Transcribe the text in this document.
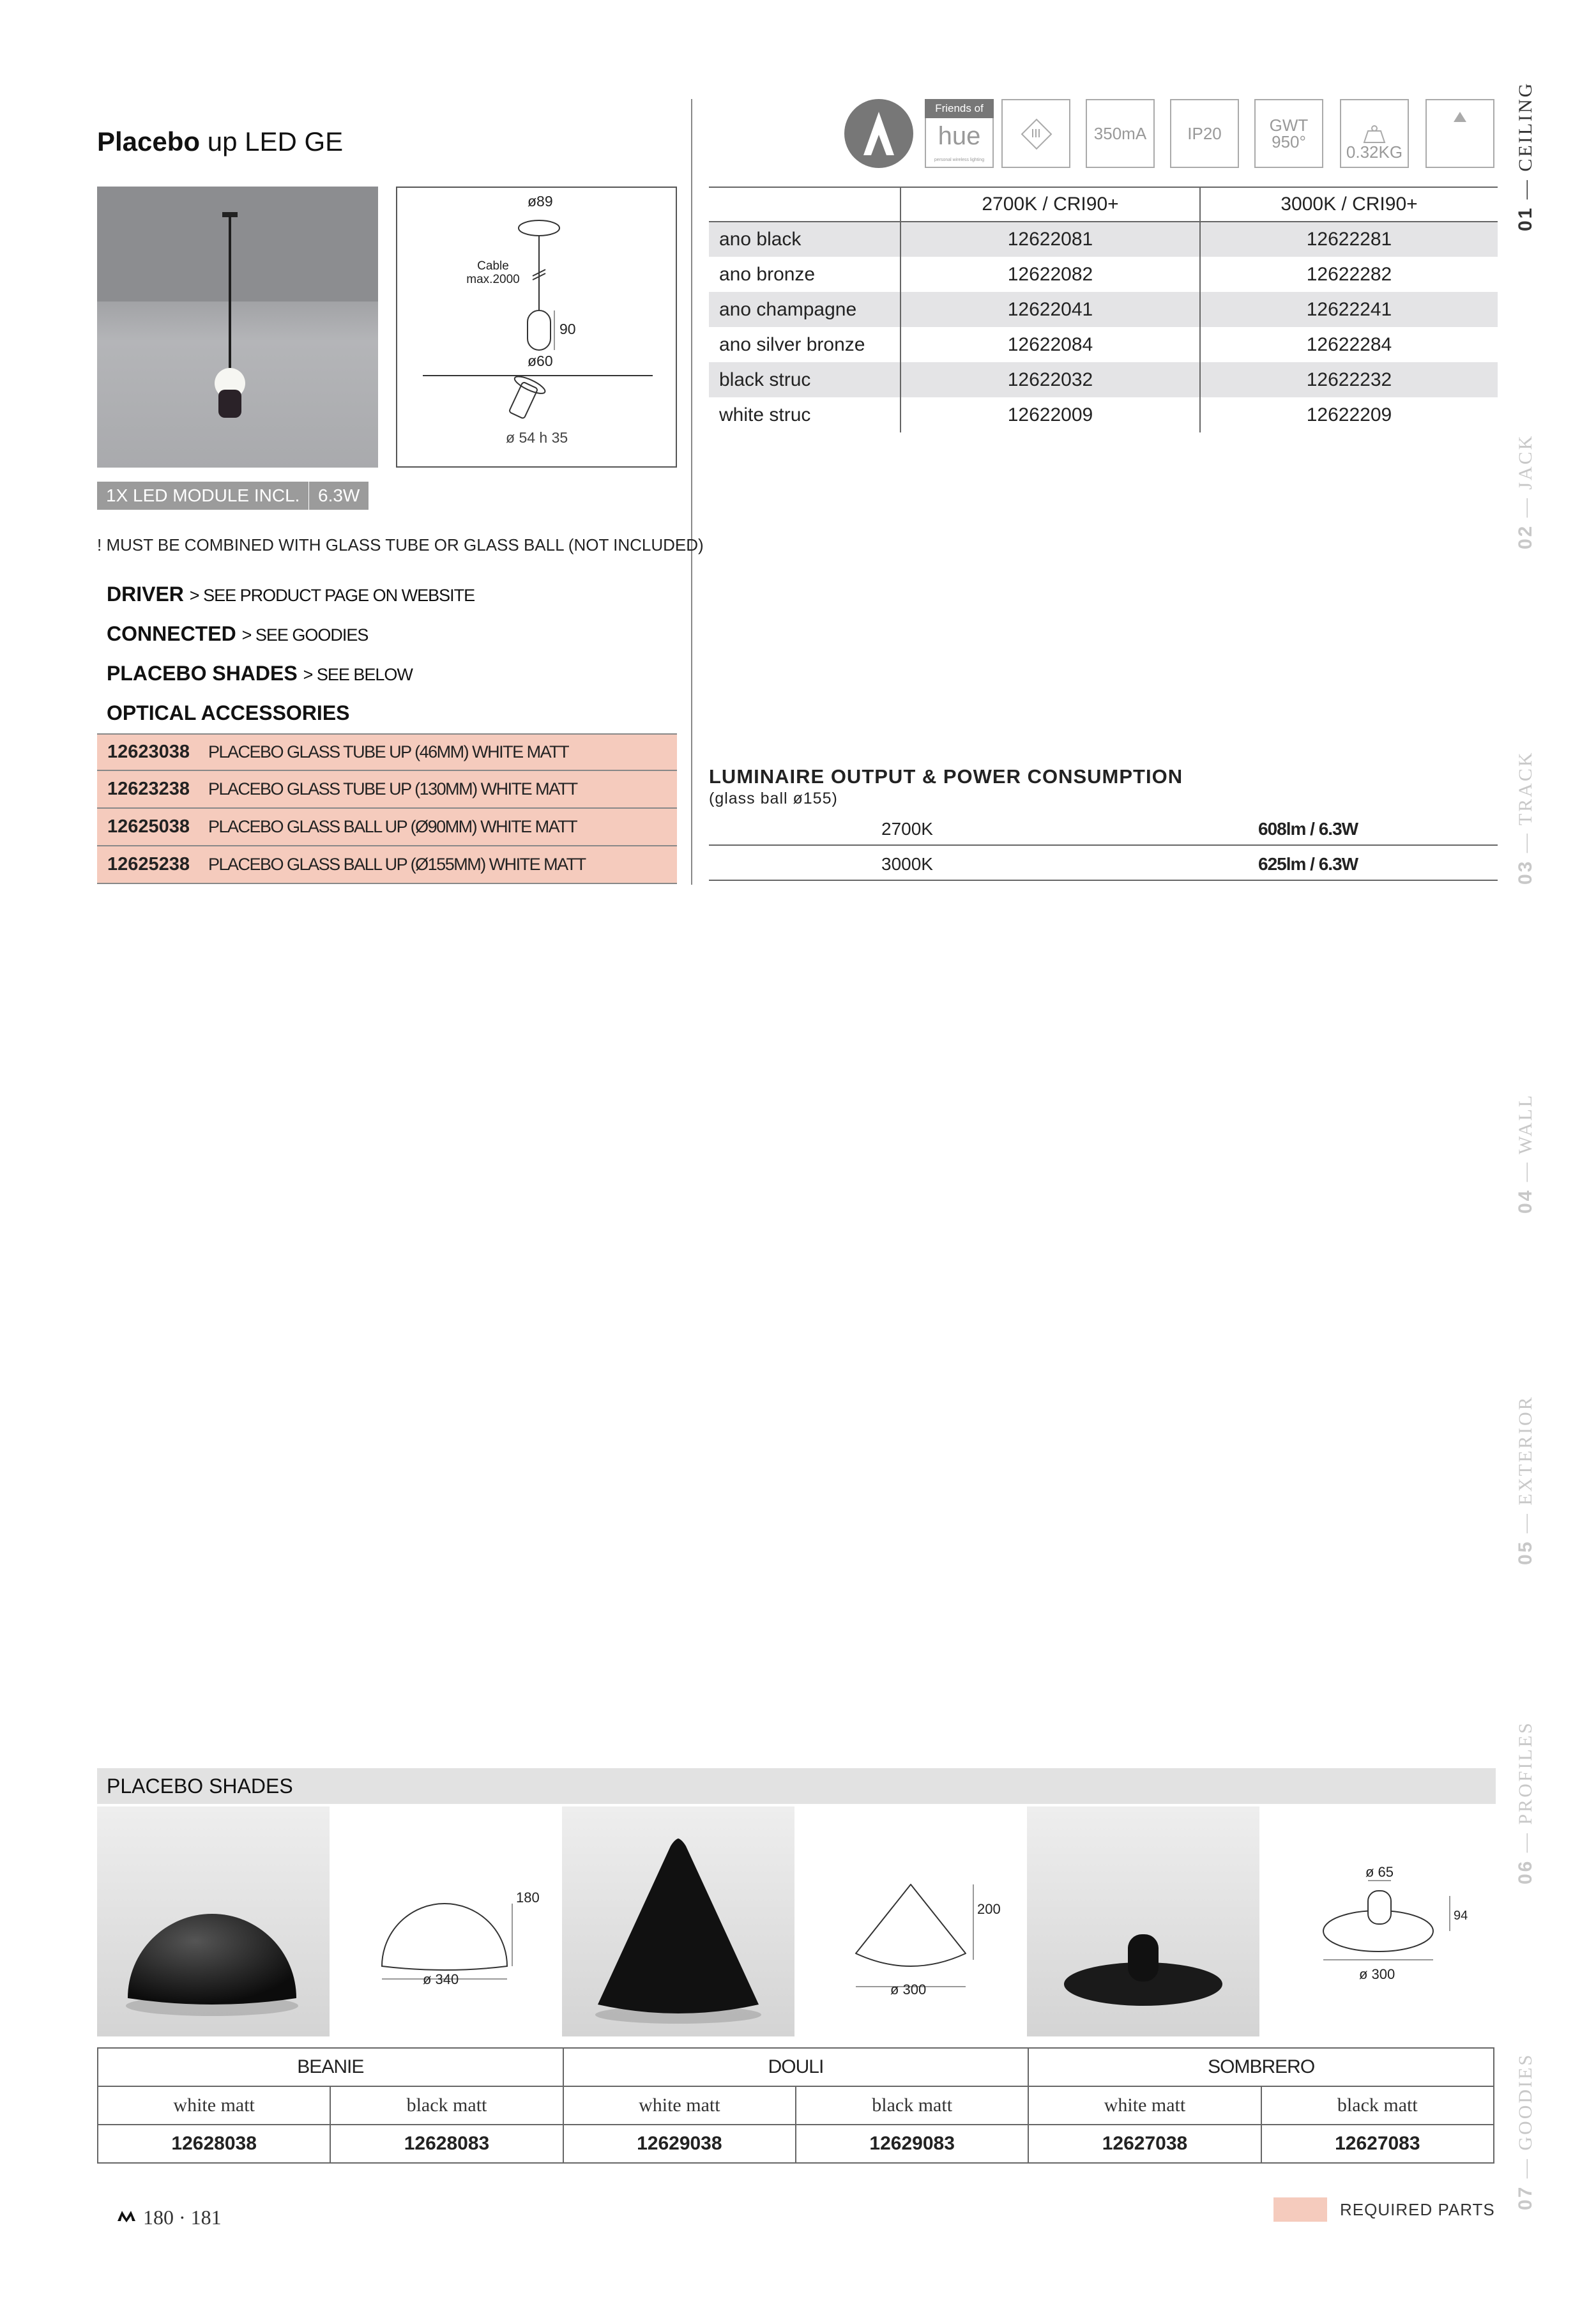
Placebo up LED GE
ø89
Cable
max.2000
90
ø60
ø 54 h 35
1X LED MODULE INCL.	6.3W
! MUST BE COMBINED WITH GLASS TUBE OR GLASS BALL (NOT INCLUDED)
DRIVER > SEE PRODUCT PAGE ON WEBSITE
CONNECTED > SEE GOODIES
PLACEBO SHADES > SEE BELOW
OPTICAL ACCESSORIES
12623038	PLACEBO GLASS TUBE UP (46MM) WHITE MATT
12623238	PLACEBO GLASS TUBE UP (130MM) WHITE MATT
12625038	PLACEBO GLASS BALL UP (Ø90MM) WHITE MATT
12625238	PLACEBO GLASS BALL UP (Ø155MM) WHITE MATT
Friends of
hue
personal wireless lighting
III	350mA	IP20	GWT
950°
0.32KG
	2700K / CRI90+	3000K / CRI90+
ano black	12622081	12622281
ano bronze	12622082	12622282
ano champagne	12622041	12622241
ano silver bronze	12622084	12622284
black struc	12622032	12622232
white struc	12622009	12622209
LUMINAIRE OUTPUT & POWER CONSUMPTION
(glass ball ø155)
2700K	608lm / 6.3W
3000K	625lm / 6.3W
01 — CEILING
02 — JACK
03 — TRACK
04 — WALL
05 — EXTERIOR
06 — PROFILES
07 — GOODIES
PLACEBO SHADES
180
ø 340
200
ø 300
ø 65
94
ø 300
BEANIE		DOULI		SOMBRERO	
white matt	black matt	white matt	black matt	white matt	black matt
12628038	12628083	12629038	12629083	12627038	12627083
180 · 181	REQUIRED PARTS
